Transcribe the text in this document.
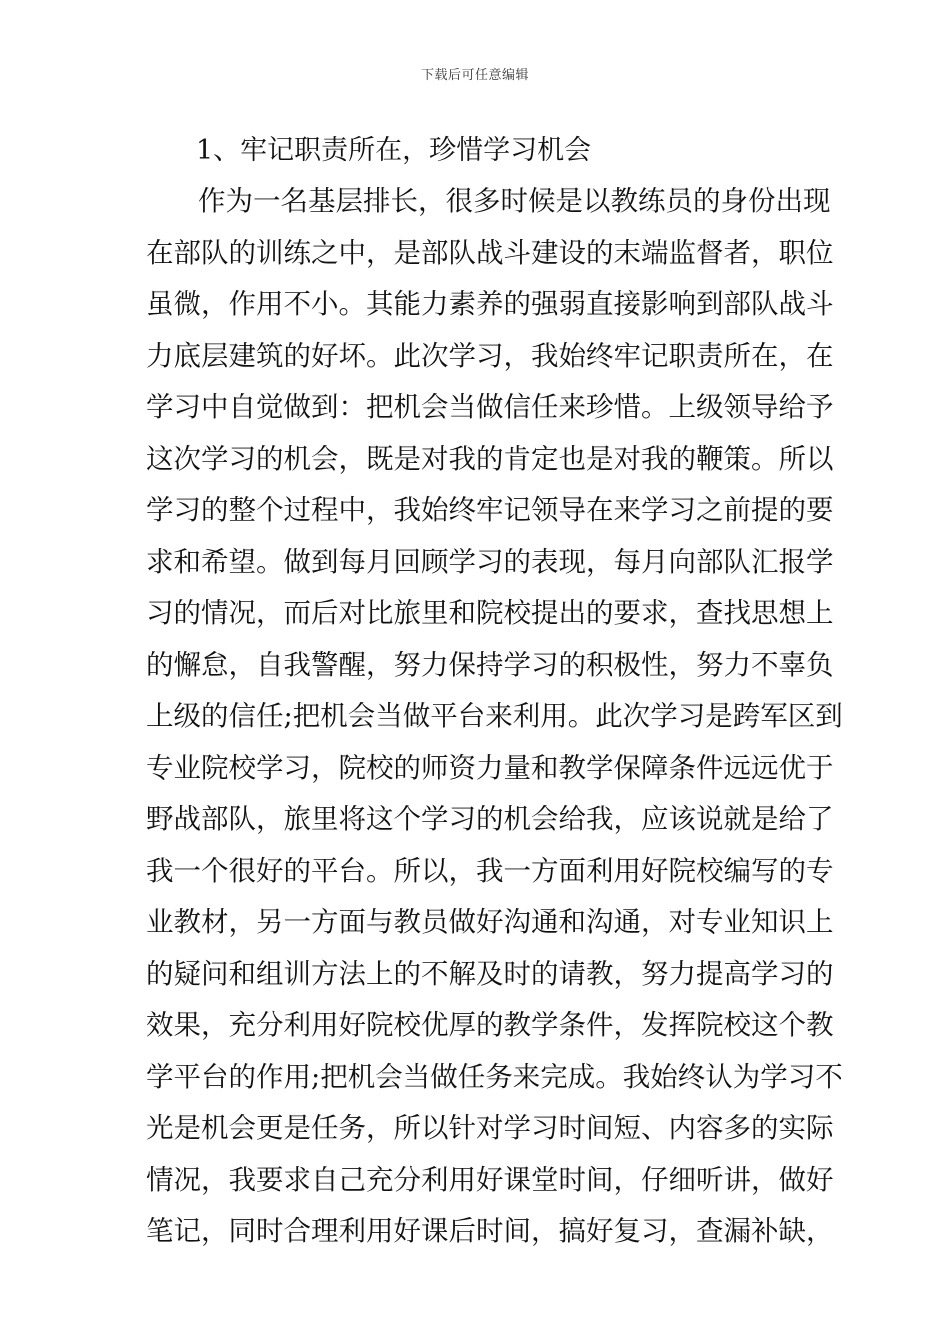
下载后可任意编辑
1、牢记职责所在，珍惜学习机会
作为一名基层排长，很多时候是以教练员的身份出现
在部队的训练之中，是部队战斗建设的末端监督者，职位
虽微，作用不小。其能力素养的强弱直接影响到部队战斗
力底层建筑的好坏。此次学习，我始终牢记职责所在，在
学习中自觉做到：把机会当做信任来珍惜。上级领导给予
这次学习的机会，既是对我的肯定也是对我的鞭策。所以
学习的整个过程中，我始终牢记领导在来学习之前提的要
求和希望。做到每月回顾学习的表现，每月向部队汇报学
习的情况，而后对比旅里和院校提出的要求，查找思想上
的懈怠，自我警醒，努力保持学习的积极性，努力不辜负
上级的信任;把机会当做平台来利用。此次学习是跨军区到
专业院校学习，院校的师资力量和教学保障条件远远优于
野战部队，旅里将这个学习的机会给我，应该说就是给了
我一个很好的平台。所以，我一方面利用好院校编写的专
业教材，另一方面与教员做好沟通和沟通，对专业知识上
的疑问和组训方法上的不解及时的请教，努力提高学习的
效果，充分利用好院校优厚的教学条件，发挥院校这个教
学平台的作用;把机会当做任务来完成。我始终认为学习不
光是机会更是任务，所以针对学习时间短、内容多的实际
情况，我要求自己充分利用好课堂时间，仔细听讲，做好
笔记，同时合理利用好课后时间，搞好复习，查漏补缺，
